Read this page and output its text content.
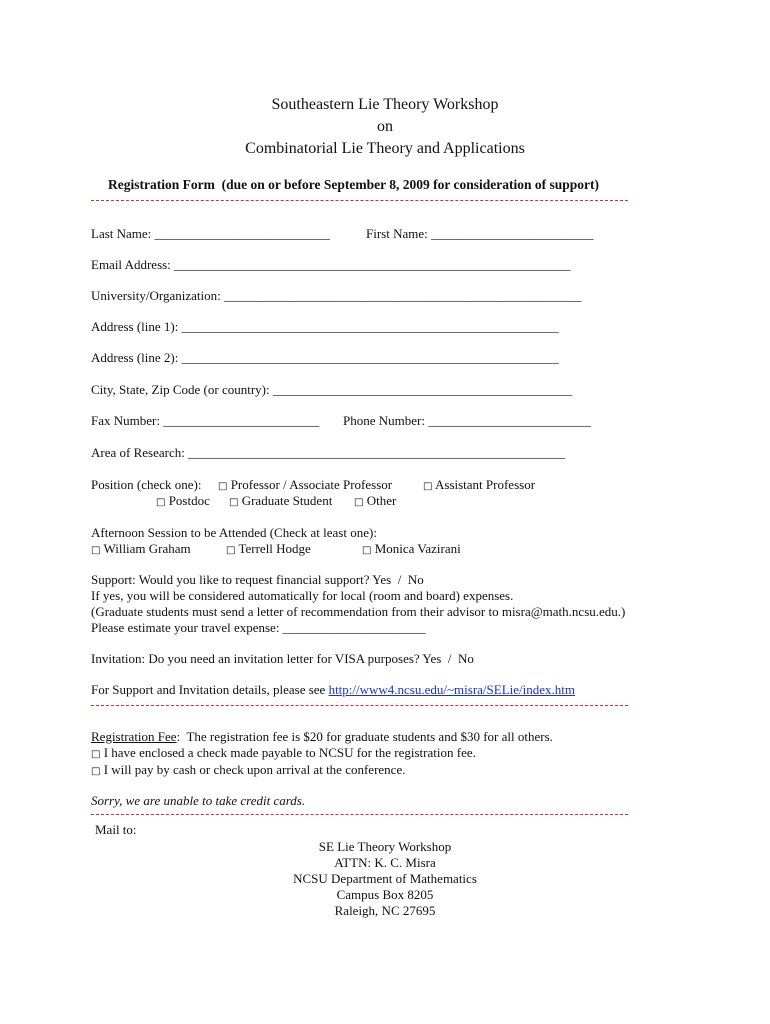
Southeastern Lie Theory Workshop
on
Combinatorial Lie Theory and Applications
Registration Form  (due on or before September 8, 2009 for consideration of support)
Last Name: ___________________________	First Name: _________________________
Email Address: _____________________________________________________________
University/Organization: _______________________________________________________
Address (line 1): __________________________________________________________
Address (line 2): __________________________________________________________
City, State, Zip Code (or country): ______________________________________________
Fax Number: ________________________ Phone Number: _________________________
Area of Research: __________________________________________________________
Position (check one): □ Professor / Associate Professor	□ Assistant Professor
□ Postdoc □ Graduate Student □ Other
Afternoon Session to be Attended (Check at least one):
□ William Graham	□ Terrell Hodge	□ Monica Vazirani
Support: Would you like to request financial support? Yes  /  No
If yes, you will be considered automatically for local (room and board) expenses.
(Graduate students must send a letter of recommendation from their advisor to misra@math.ncsu.edu.)
Please estimate your travel expense: ______________________
Invitation: Do you need an invitation letter for VISA purposes? Yes  /  No
For Support and Invitation details, please see http://www4.ncsu.edu/~misra/SELie/index.htm
Registration Fee:  The registration fee is $20 for graduate students and $30 for all others.
□ I have enclosed a check made payable to NCSU for the registration fee.
□ I will pay by cash or check upon arrival at the conference.
Sorry, we are unable to take credit cards.
Mail to:
SE Lie Theory Workshop
ATTN: K. C. Misra
NCSU Department of Mathematics
Campus Box 8205
Raleigh, NC 27695
